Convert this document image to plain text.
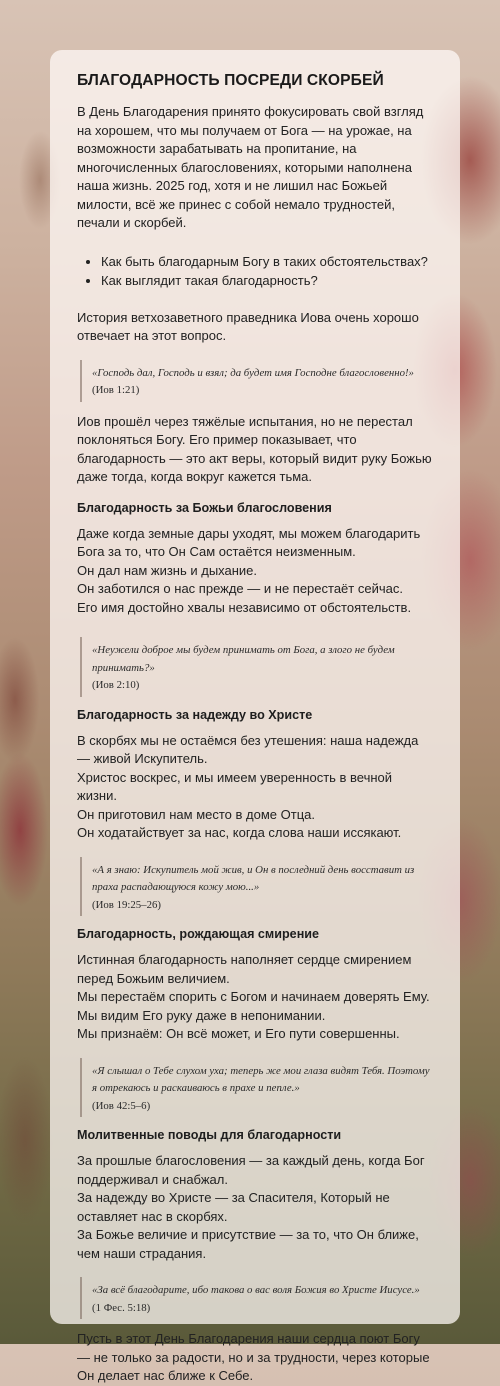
БЛАГОДАРНОСТЬ ПОСРЕДИ СКОРБЕЙ

В День Благодарения принято фокусировать свой взгляд на хорошем, что мы получаем от Бога — на урожае, на возможности зарабатывать на пропитание, на многочисленных благословениях, которыми наполнена наша жизнь. 2025 год, хотя и не лишил нас Божьей милости, всё же принес с собой немало трудностей, печали и скорбей.

• Как быть благодарным Богу в таких обстоятельствах?
• Как выглядит такая благодарность?

История ветхозаветного праведника Иова очень хорошо отвечает на этот вопрос.

«Господь дал, Господь и взял; да будет имя Господне благословенно!»
(Иов 1:21)

Иов прошёл через тяжёлые испытания, но не перестал поклоняться Богу. Его пример показывает, что благодарность — это акт веры, который видит руку Божью даже тогда, когда вокруг кажется тьма.

Благодарность за Божьи благословения
Даже когда земные дары уходят, мы можем благодарить Бога за то, что Он Сам остаётся неизменным.
Он дал нам жизнь и дыхание.
Он заботился о нас прежде — и не перестаёт сейчас.
Его имя достойно хвалы независимо от обстоятельств.
«Неужели доброе мы будем принимать от Бога, а злого не будем принимать?»
(Иов 2:10)
Благодарность за надежду во Христе
В скорбях мы не остаёмся без утешения: наша надежда — живой Искупитель.
Христос воскрес, и мы имеем уверенность в вечной жизни.
Он приготовил нам место в доме Отца.
Он ходатайствует за нас, когда слова наши иссякают.
«А я знаю: Искупитель мой жив, и Он в последний день восставит из праха распадающуюся кожу мою...»
(Иов 19:25–26)
Благодарность, рождающая смирение
Истинная благодарность наполняет сердце смирением перед Божьим величием.
Мы перестаём спорить с Богом и начинаем доверять Ему.
Мы видим Его руку даже в непонимании.
Мы признаём: Он всё может, и Его пути совершенны.
«Я слышал о Тебе слухом уха; теперь же мои глаза видят Тебя. Поэтому я отрекаюсь и раскаиваюсь в прахе и пепле.»
(Иов 42:5–6)
Молитвенные поводы для благодарности
За прошлые благословения — за каждый день, когда Бог поддерживал и снабжал.
За надежду во Христе — за Спасителя, Который не оставляет нас в скорбях.
За Божье величие и присутствие — за то, что Он ближе, чем наши страдания.
«За всё благодарите, ибо такова о вас воля Божия во Христе Иисусе.»
(1 Фес. 5:18)

Пусть в этот День Благодарения наши сердца поют Богу — не только за радости, но и за трудности, через которые Он делает нас ближе к Себе.
